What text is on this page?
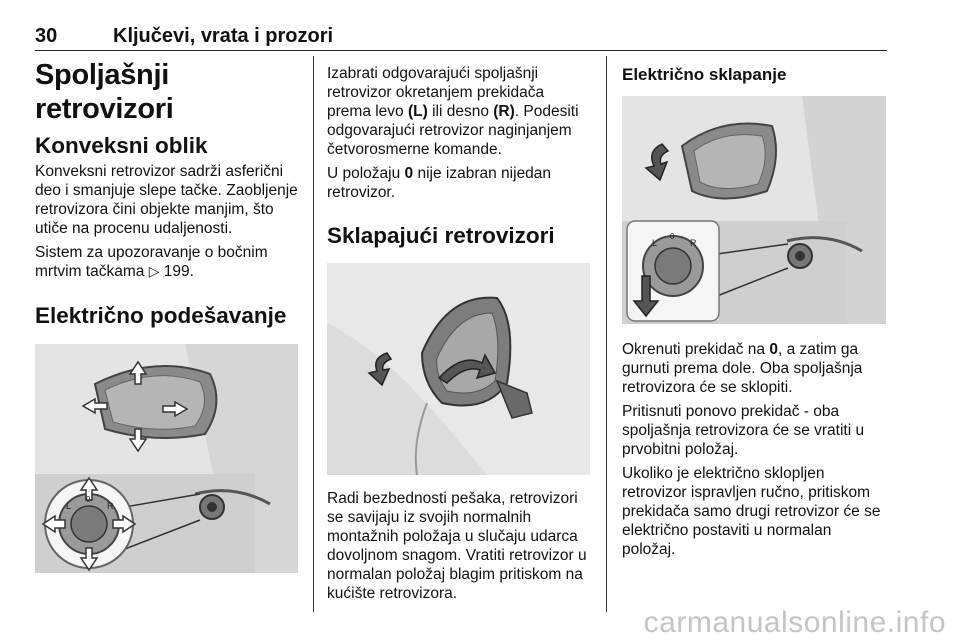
30	Ključevi, vrata i prozori
Spoljašnji retrovizori
Konveksni oblik

Konveksni retrovizor sadrži asferični deo i smanjuje slepe tačke. Zaobljenje retrovizora čini objekte manjim, što utiče na procenu udaljenosti.

Sistem za upozoravanje o bočnim mrtvim tačkama ▷ 199.

Električno podešavanje
L
0
R

Izabrati odgovarajući spoljašnji retrovizor okretanjem prekidača prema levo (L) ili desno (R). Podesiti odgovarajući retrovizor naginjanjem četvorosmerne komande.

U položaju 0 nije izabran nijedan retrovizor.

Sklapajući retrovizori

Radi bezbednosti pešaka, retrovizori se savijaju iz svojih normalnih montažnih položaja u slučaju udarca dovoljnom snagom. Vratiti retrovizor u normalan položaj blagim pritiskom na kućište retrovizora.

Električno sklapanje
L
0
R

Okrenuti prekidač na 0, a zatim ga gurnuti prema dole. Oba spoljašnja retrovizora će se sklopiti.

Pritisnuti ponovo prekidač - oba spoljašnja retrovizora će se vratiti u prvobitni položaj.

Ukoliko je električno sklopljen retrovizor ispravljen ručno, pritiskom prekidača samo drugi retrovizor će se električno postaviti u normalan položaj.

carmanualsonline.info
